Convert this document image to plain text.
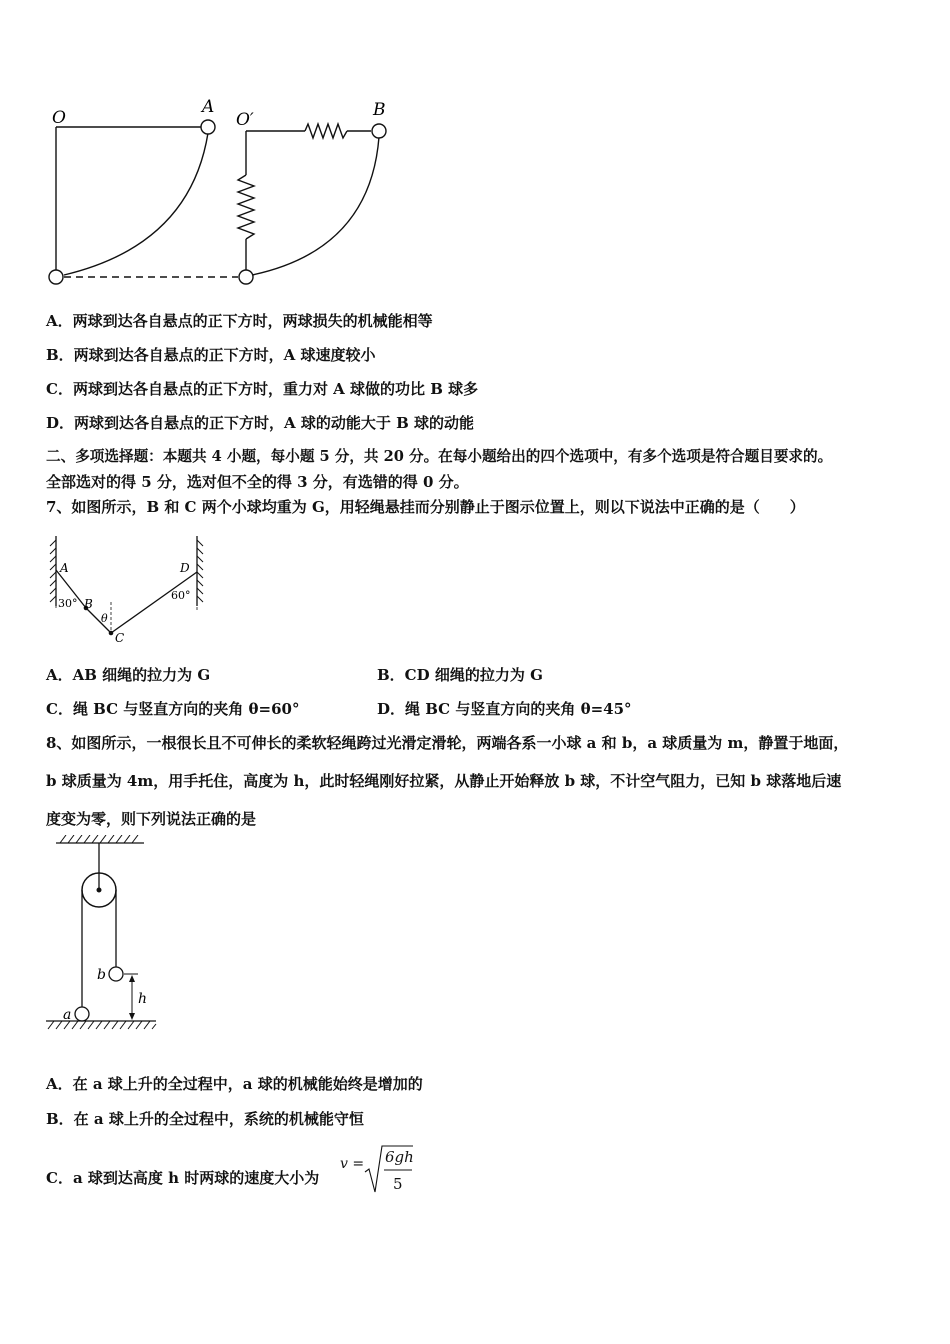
O
A
O′	B
A．两球到达各自悬点的正下方时，两球损失的机械能相等
B．两球到达各自悬点的正下方时，A 球速度较小
C．两球到达各自悬点的正下方时，重力对 A 球做的功比 B 球多
D．两球到达各自悬点的正下方时，A 球的动能大于 B 球的动能
二、多项选择题：本题共 4 小题，每小题 5 分，共 20 分。在每小题给出的四个选项中，有多个选项是符合题目要求的。
全部选对的得 5 分，选对但不全的得 3 分，有选错的得 0 分。
7、如图所示，B 和 C 两个小球均重为 G，用轻绳悬挂而分别静止于图示位置上，则以下说法中正确的是（　　）
A
B
C
D
θ
30°
60°
A．AB 细绳的拉力为 G	B．CD 细绳的拉力为 G
C．绳 BC 与竖直方向的夹角 θ=60°	D．绳 BC 与竖直方向的夹角 θ=45°
8、如图所示，一根很长且不可伸长的柔软轻绳跨过光滑定滑轮，两端各系一小球 a 和 b，a 球质量为 m，静置于地面，
b 球质量为 4m，用手托住，高度为 h，此时轻绳刚好拉紧，从静止开始释放 b 球，不计空气阻力，已知 b 球落地后速
度变为零，则下列说法正确的是
h
b
a
A．在 a 球上升的全过程中，a 球的机械能始终是增加的
B．在 a 球上升的全过程中，系统的机械能守恒
C．a 球到达高度 h 时两球的速度大小为
v = 6gh
5
